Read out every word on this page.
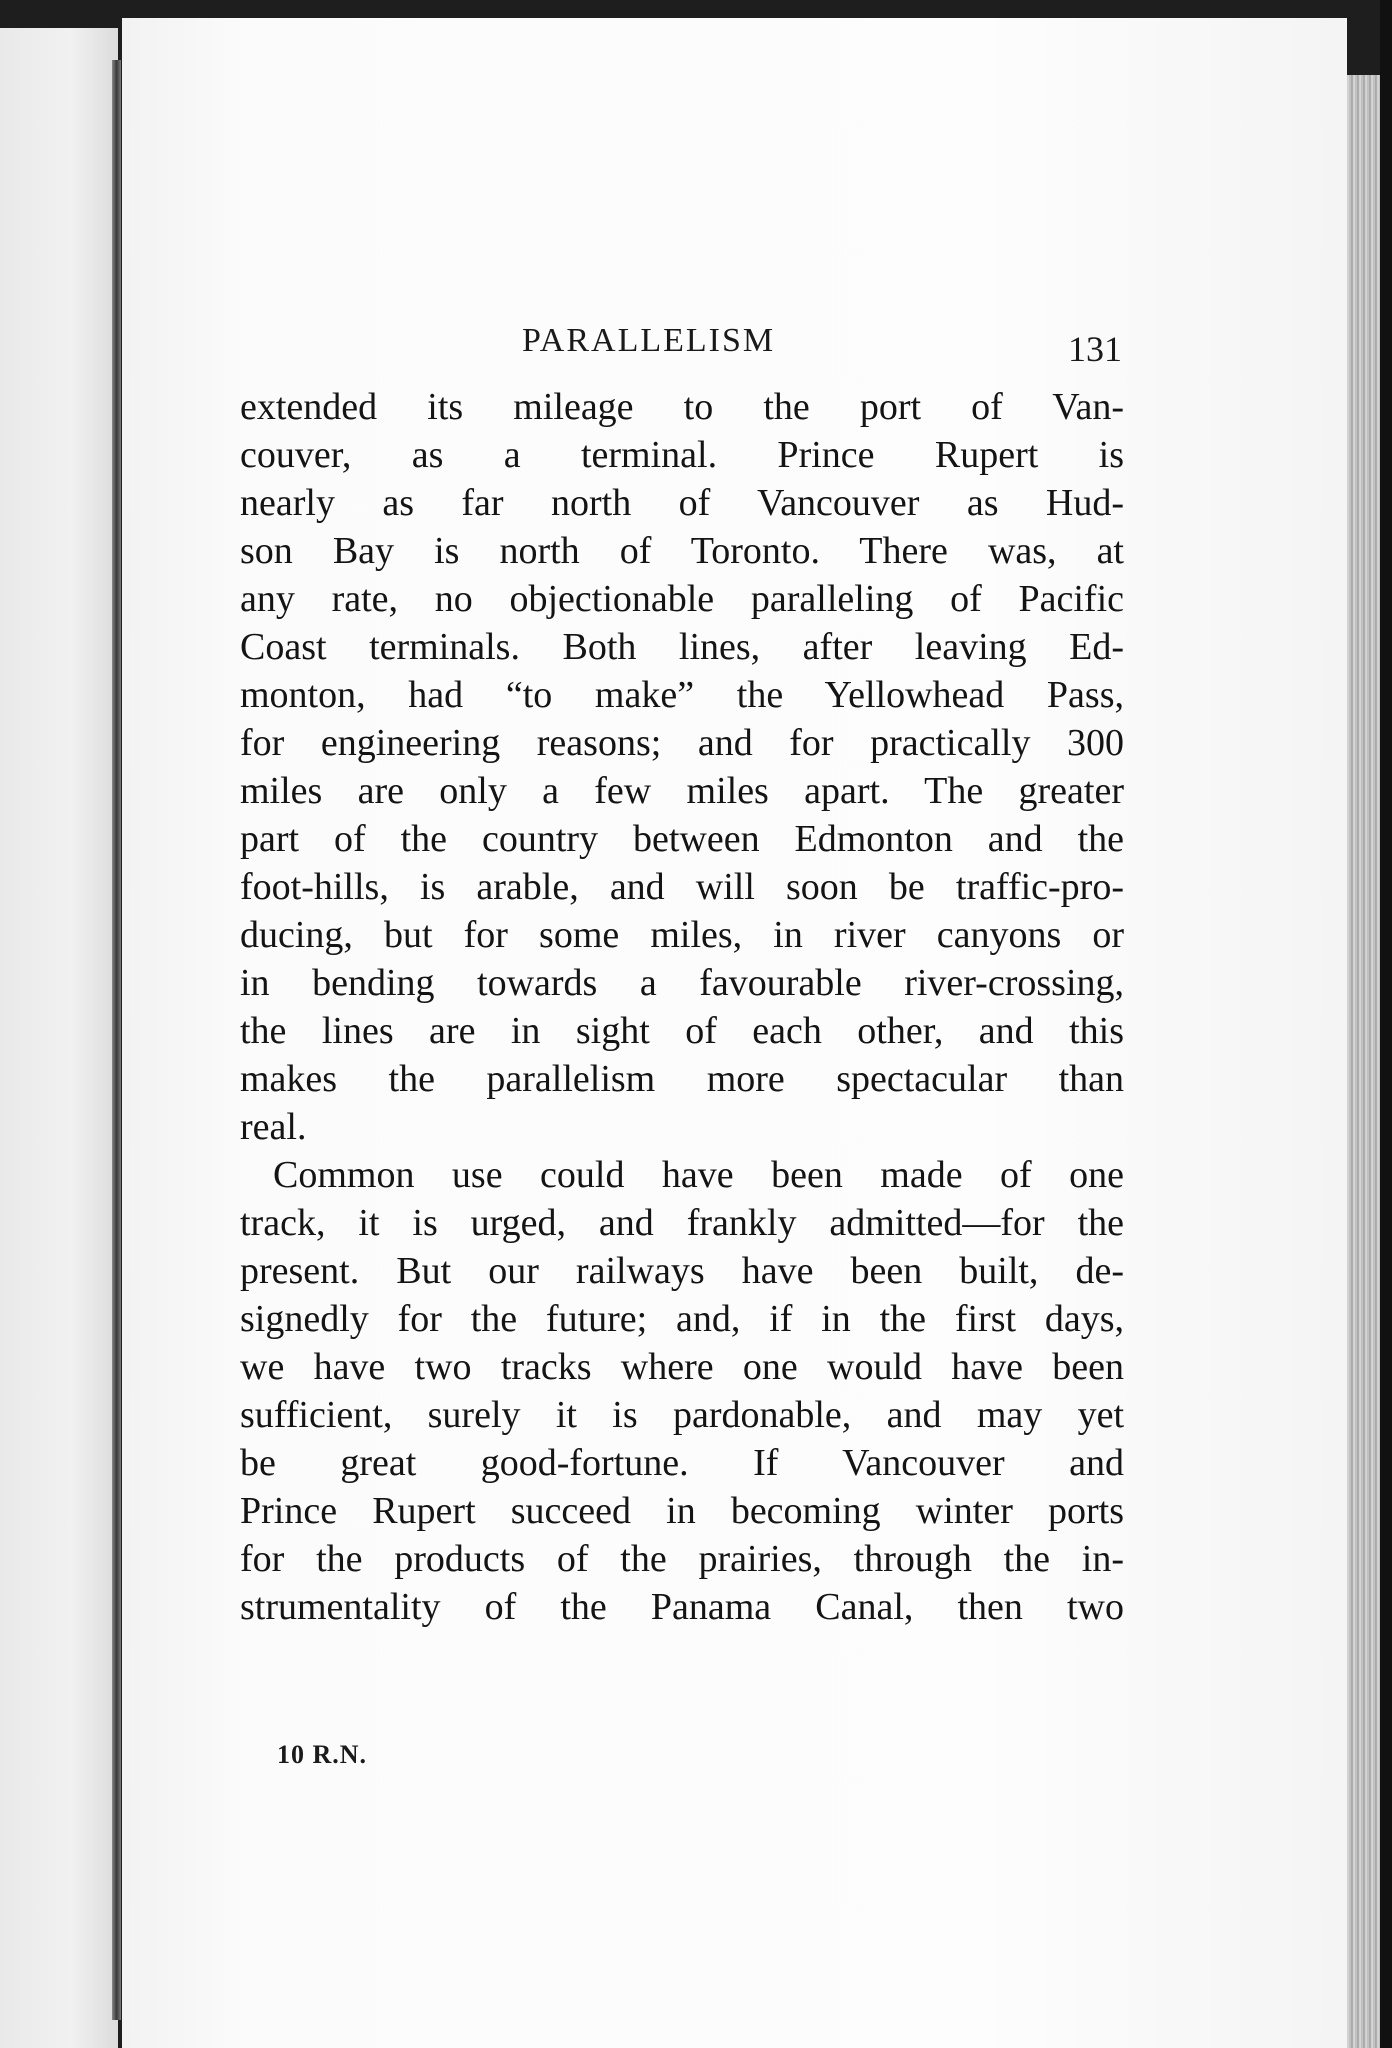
PARALLELISM	131
extended its mileage to the port of Van-
couver, as a terminal. Prince Rupert is
nearly as far north of Vancouver as Hud-
son Bay is north of Toronto. There was, at
any rate, no objectionable paralleling of Pacific
Coast terminals. Both lines, after leaving Ed-
monton, had “to make” the Yellowhead Pass,
for engineering reasons; and for practically 300
miles are only a few miles apart. The greater
part of the country between Edmonton and the
foot-hills, is arable, and will soon be traffic-pro-
ducing, but for some miles, in river canyons or
in bending towards a favourable river-crossing,
the lines are in sight of each other, and this
makes the parallelism more spectacular than
real.
Common use could have been made of one
track, it is urged, and frankly admitted—for the
present. But our railways have been built, de-
signedly for the future; and, if in the first days,
we have two tracks where one would have been
sufficient, surely it is pardonable, and may yet
be great good-fortune. If Vancouver and
Prince Rupert succeed in becoming winter ports
for the products of the prairies, through the in-
strumentality of the Panama Canal, then two
10 R.N.
